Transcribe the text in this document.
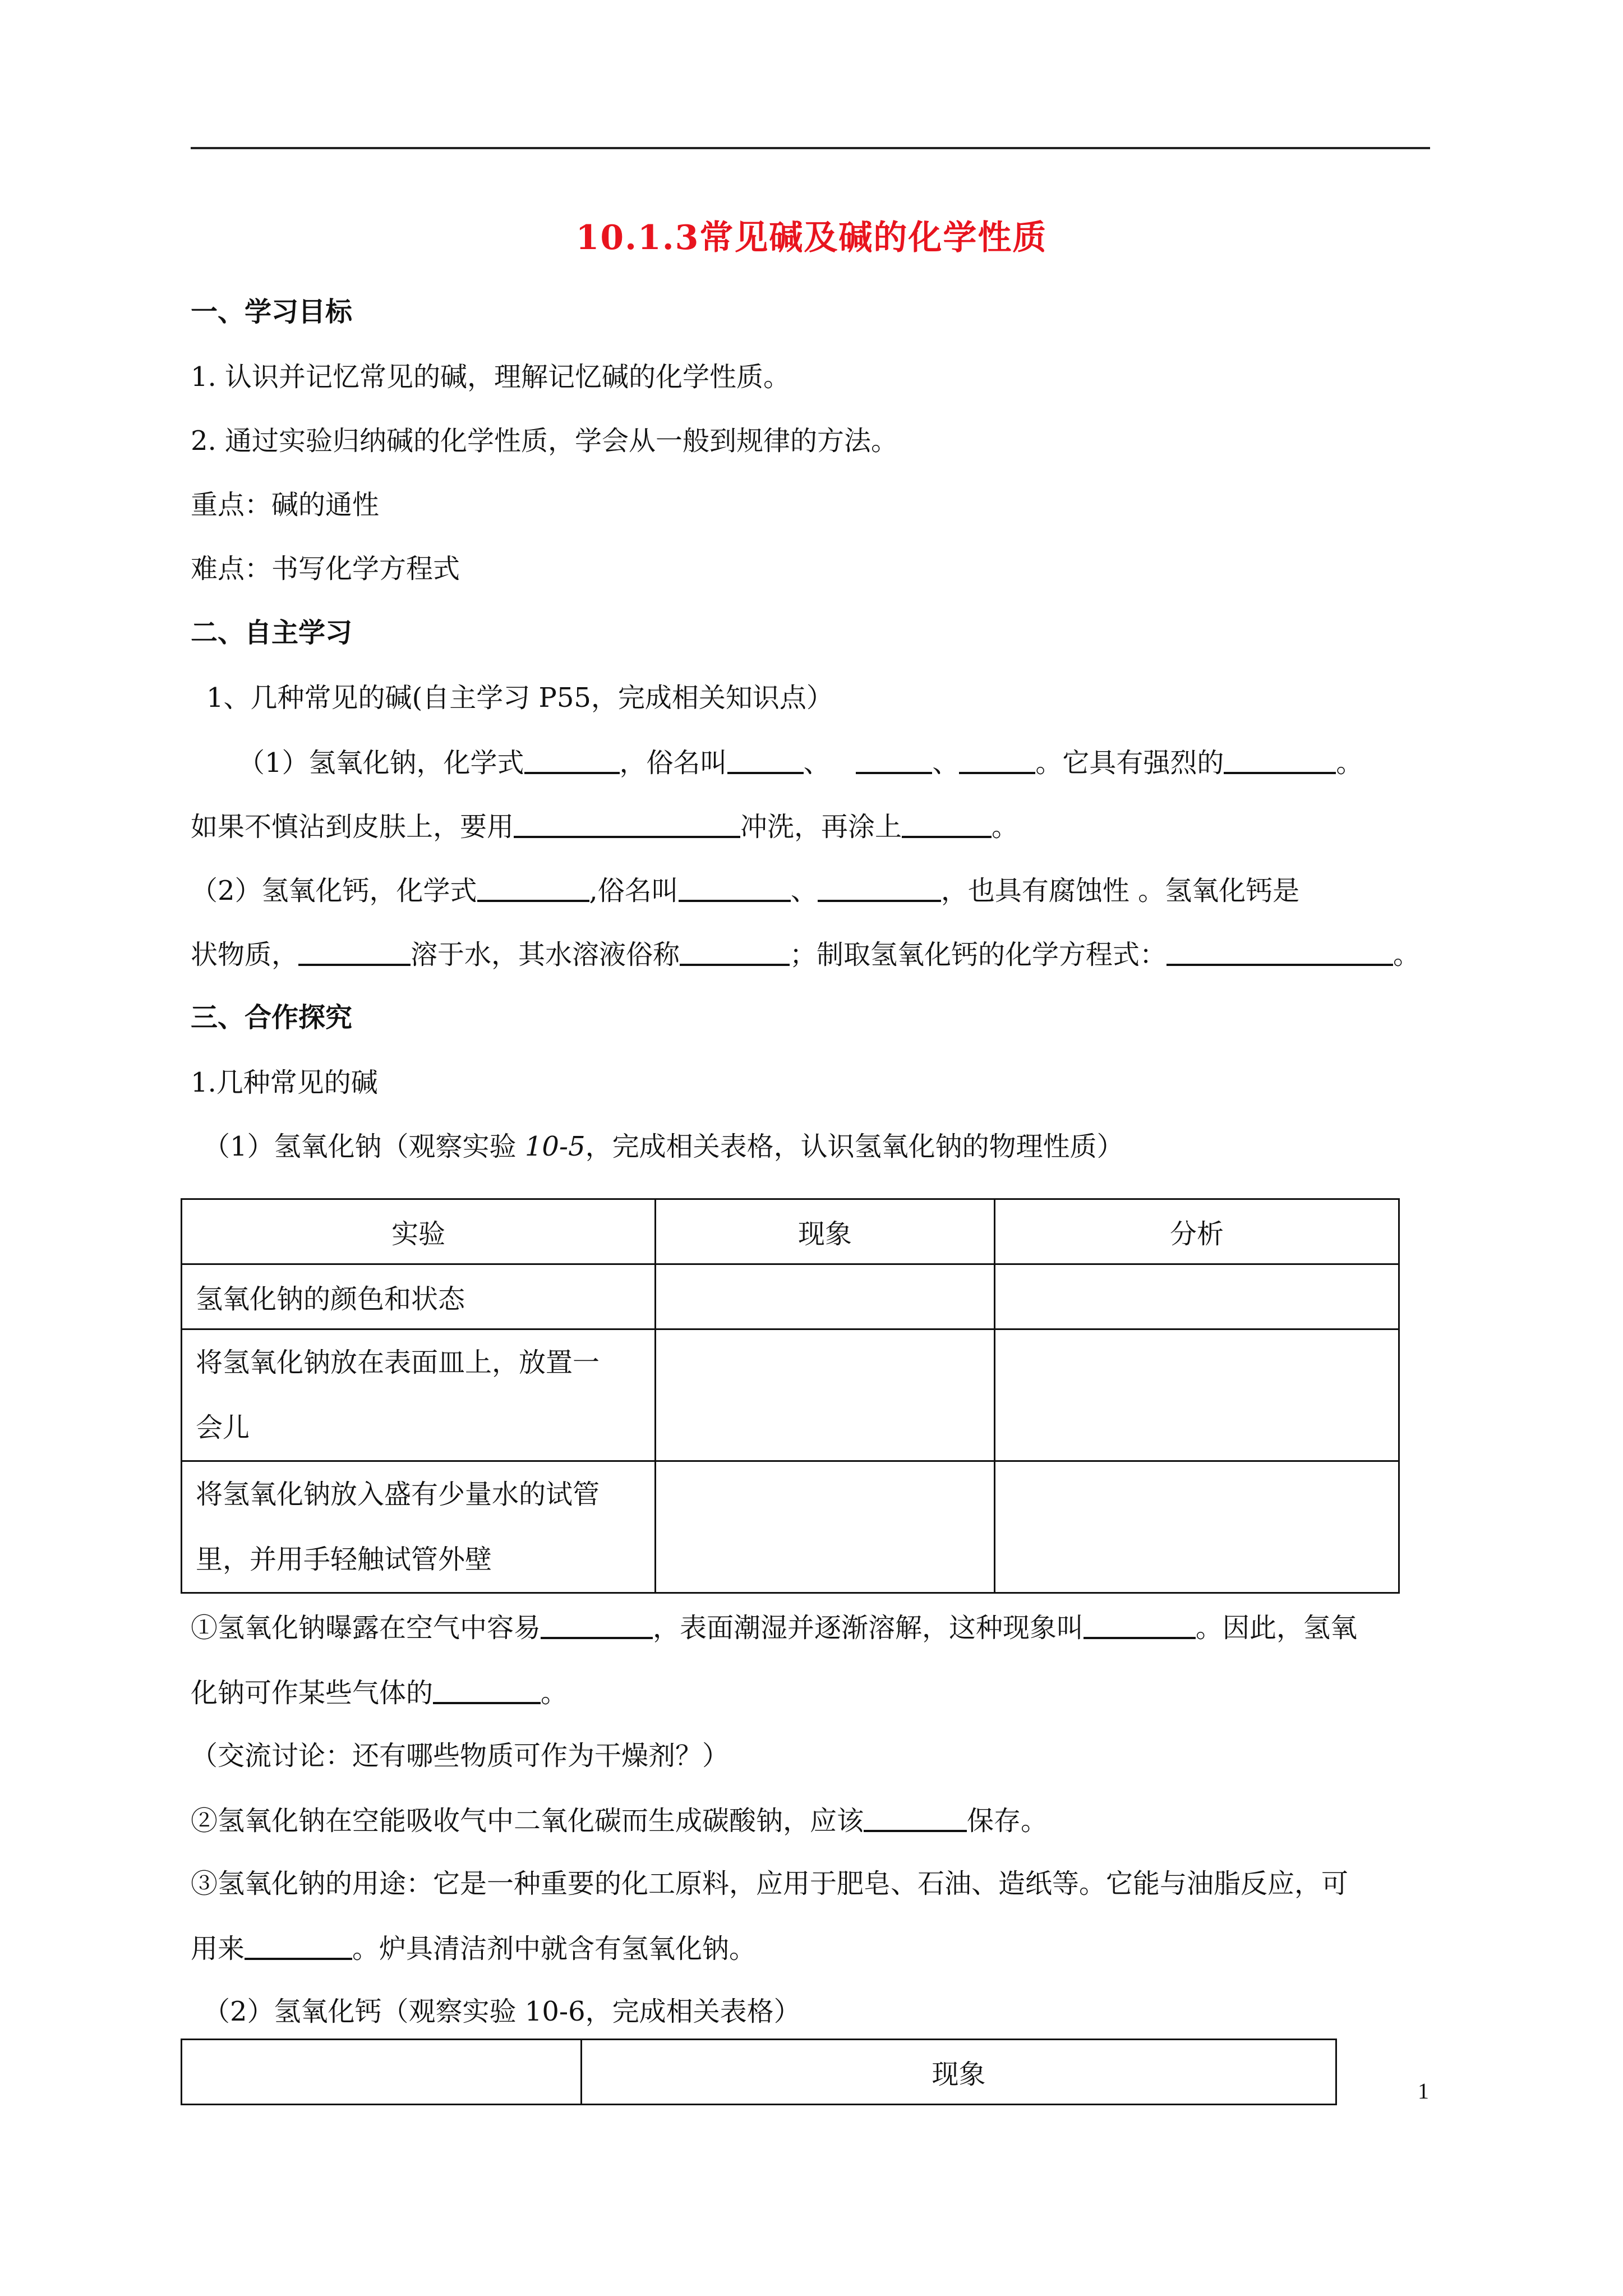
10.1.3常见碱及碱的化学性质
一、学习目标
1. 认识并记忆常见的碱，理解记忆碱的化学性质。
2. 通过实验归纳碱的化学性质，学会从一般到规律的方法。
重点：碱的通性
难点：书写化学方程式
二、自主学习
1、几种常见的碱(自主学习 P55，完成相关知识点）
（1）氢氧化钠，化学式	，俗名叫	、	、	。它具有强烈的	。
如果不慎沾到皮肤上，要用	冲洗，再涂上	。
（2）氢氧化钙，化学式	,俗名叫	、	，也具有腐蚀性 。氢氧化钙是
状物质，	溶于水，其水溶液俗称	；制取氢氧化钙的化学方程式：	。
三、合作探究
1.几种常见的碱
（1）氢氧化钠（观察实验 10-5，完成相关表格，认识氢氧化钠的物理性质）
实验	现象	分析
氢氧化钠的颜色和状态		

将氢氧化钠放在表面皿上，放置一
会儿		

将氢氧化钠放入盛有少量水的试管
里，并用手轻触试管外壁		

①氢氧化钠曝露在空气中容易	，表面潮湿并逐渐溶解，这种现象叫	。因此，氢氧
化钠可作某些气体的	。
（交流讨论：还有哪些物质可作为干燥剂？）
②氢氧化钠在空能吸收气中二氧化碳而生成碳酸钠，应该	保存。
③氢氧化钠的用途：它是一种重要的化工原料，应用于肥皂、石油、造纸等。它能与油脂反应，可
用来	。炉具清洁剂中就含有氢氧化钠。
（2）氢氧化钙（观察实验 10-6，完成相关表格）
	现象
1
